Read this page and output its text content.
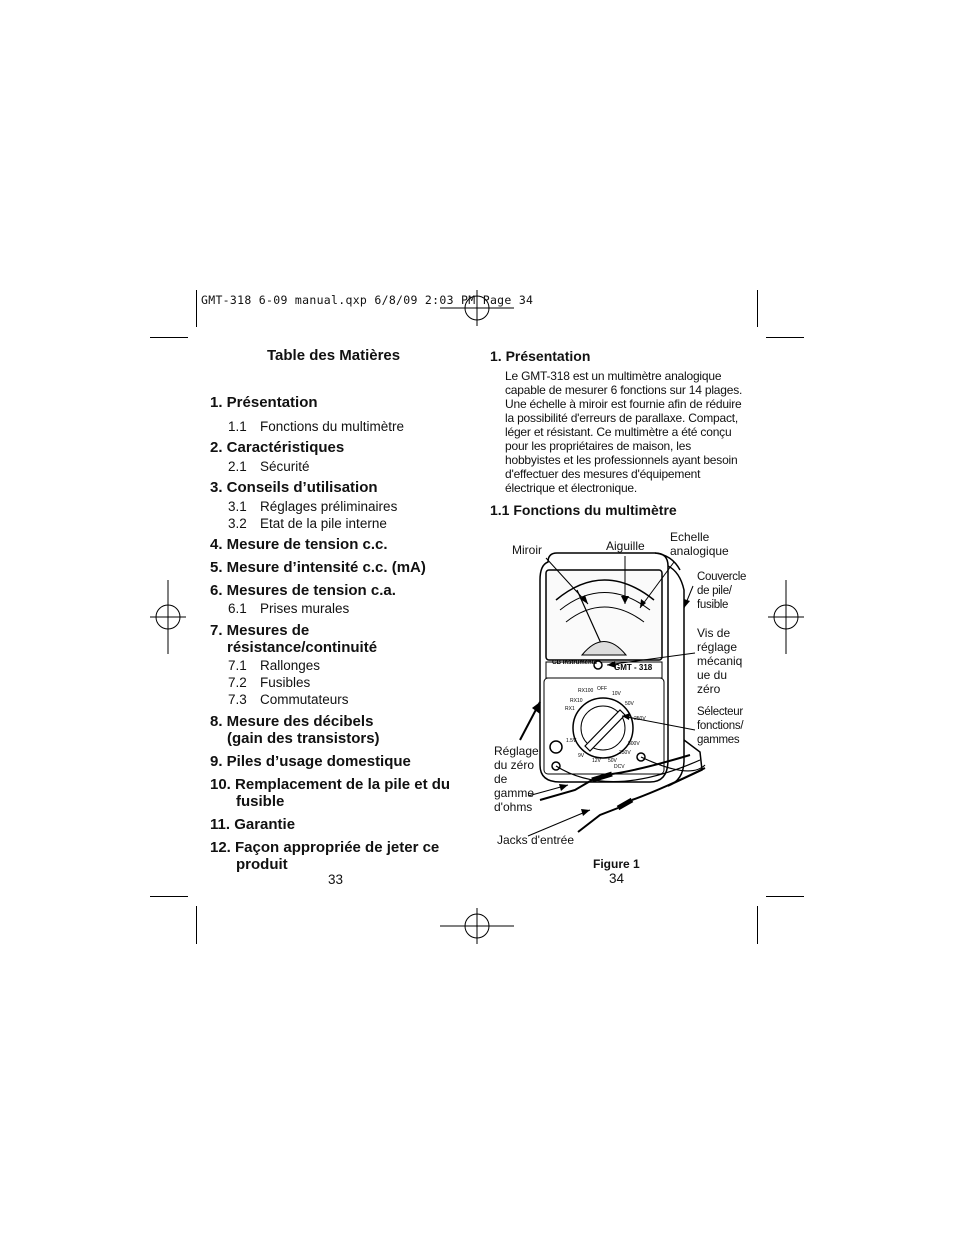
GMT-318 6-09 manual.qxp 6/8/09 2:03 PM Page 34
Table des Matières
1. Présentation
1.1 Fonctions du multimètre
2. Caractéristiques
2.1 Sécurité
3. Conseils d’utilisation
3.1 Réglages préliminaires
3.2 Etat de la pile interne
4. Mesure de tension c.c.
5. Mesure d’intensité c.c. (mA)
6. Mesures de tension c.a.
6.1 Prises murales
7. Mesures de
résistance/continuité
7.1 Rallonges
7.2 Fusibles
7.3 Commutateurs
8. Mesure des décibels
(gain des transistors)
9. Piles d’usage domestique
10. Remplacement de la pile et du
fusible
11. Garantie
12. Façon appropriée de jeter ce
produit
33
1. Présentation
Le GMT-318 est un multimètre analogique
capable de mesurer 6 fonctions sur 14 plages.
Une échelle à miroir est fournie afin de réduire
la possibilité d'erreurs de parallaxe. Compact,
léger et résistant. Ce multimètre a été conçu
pour les propriétaires de maison, les
hobbyistes et les professionnels ayant besoin
d'effectuer des mesures d'équipement
électrique et électronique.
1.1 Fonctions du multimètre
GB Instruments GMT - 318
OFF
RX100	10V
50V
250V
500V
1.5V
9V
12V 50V
250V
DCV
RX10
RX1
Miroir	Aiguille
Echelle
analogique
Couvercle
de pile/
fusible
Vis de
réglage
mécaniq
ue du
zéro
Sélecteur
fonctions/
gammes
Réglage
du zéro
de
gamme
d'ohms
Jacks d'entrée
Figure 1
34
